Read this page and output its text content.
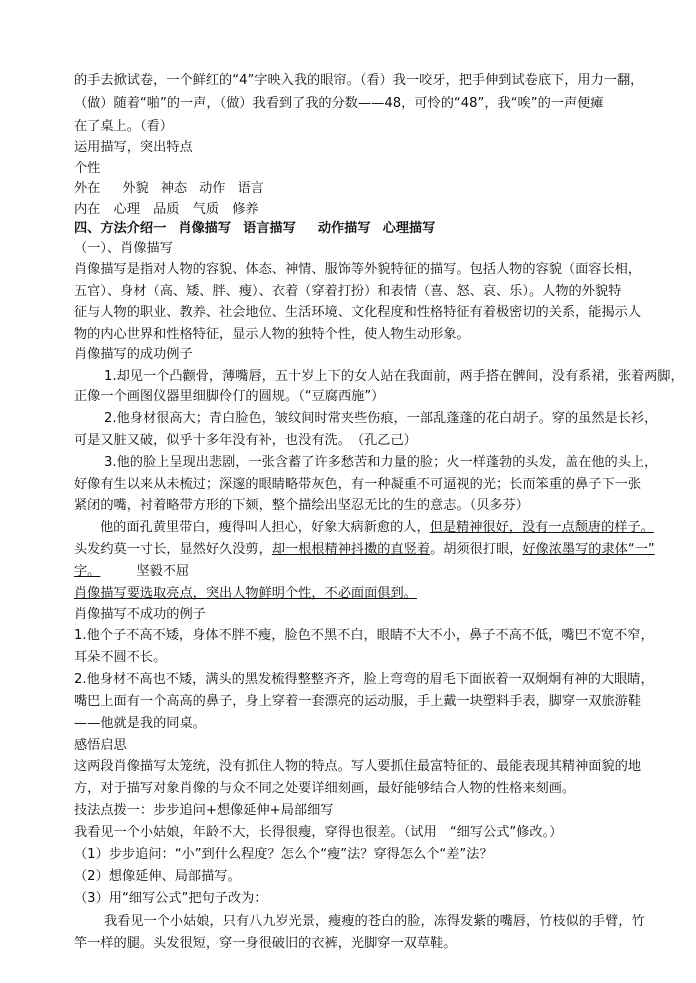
的手去掀试卷，一个鲜红的“4”字映入我的眼帘。（看）我一咬牙，把手伸到试卷底下，用力一翻，
（做）随着“啪”的一声，（做）我看到了我的分数——48，可怜的“48”，我“唉”的一声便瘫
在了桌上。（看）
运用描写，突出特点
个性
外在 外貌 神态 动作 语言
内在　心理　品质　气质　修养
四、方法介绍一 肖像描写 语言描写 动作描写 心理描写
（一）、肖像描写
肖像描写是指对人物的容貌、体态、神情、服饰等外貌特征的描写。包括人物的容貌（面容长相，
五官）、身材（高、矮、胖、瘦）、衣着（穿着打扮）和表情（喜、怒、哀、乐）。人物的外貌特
征与人物的职业、教养、社会地位、生活环境、文化程度和性格特征有着极密切的关系，能揭示人
物的内心世界和性格特征，显示人物的独特个性，使人物生动形象。
肖像描写的成功例子
1.却见一个凸颧骨，薄嘴唇，五十岁上下的女人站在我面前，两手搭在髀间，没有系裙，张着两脚，
正像一个画图仪器里细脚伶仃的圆规。（“豆腐西施”）
2.他身材很高大；青白脸色，皱纹间时常夹些伤痕，一部乱蓬蓬的花白胡子。穿的虽然是长衫，
可是又脏又破，似乎十多年没有补，也没有洗。　（孔乙己）
3.他的脸上呈现出悲剧，一张含蓄了许多愁苦和力量的脸；火一样蓬勃的头发，盖在他的头上，
好像有生以来从未梳过；深邃的眼睛略带灰色，有一种凝重不可逼视的光；长而笨重的鼻子下一张
紧闭的嘴，衬着略带方形的下颏，整个描绘出坚忍无比的生的意志。（贝多芬）
他的面孔黄里带白，瘦得叫人担心，好象大病新愈的人，但是精神很好，没有一点颓唐的样子。
头发约莫一寸长，显然好久没剪，却一根根精神抖擞的直竖着。胡须很打眼，好像浓墨写的隶体“一”
字。	坚毅不屈
肖像描写要选取亮点，突出人物鲜明个性，不必面面俱到。
肖像描写不成功的例子
1.他个子不高不矮，身体不胖不瘦，脸色不黑不白，眼睛不大不小，鼻子不高不低，嘴巴不宽不窄，
耳朵不圆不长。
2.他身材不高也不矮，满头的黑发梳得整整齐齐，脸上弯弯的眉毛下面嵌着一双炯炯有神的大眼睛，
嘴巴上面有一个高高的鼻子，身上穿着一套漂亮的运动服，手上戴一块塑料手表，脚穿一双旅游鞋
——他就是我的同桌。
感悟启思
这两段肖像描写太笼统，没有抓住人物的特点。写人要抓住最富特征的、最能表现其精神面貌的地
方，对于描写对象肖像的与众不同之处要详细刻画，最好能够结合人物的性格来刻画。
技法点拨一：步步追问+想像延伸+局部细写
我看见一个小姑娘，年龄不大，长得很瘦，穿得也很差。（试用　“细写公式”修改。）
（1）步步追问：“小”到什么程度？怎么个“瘦”法？穿得怎么个“差”法？
（2）想像延伸、局部描写。
（3）用“细写公式”把句子改为：
我看见一个小姑娘，只有八九岁光景，瘦瘦的苍白的脸，冻得发紫的嘴唇，竹枝似的手臂，竹
竿一样的腿。头发很短，穿一身很破旧的衣裤，光脚穿一双草鞋。
